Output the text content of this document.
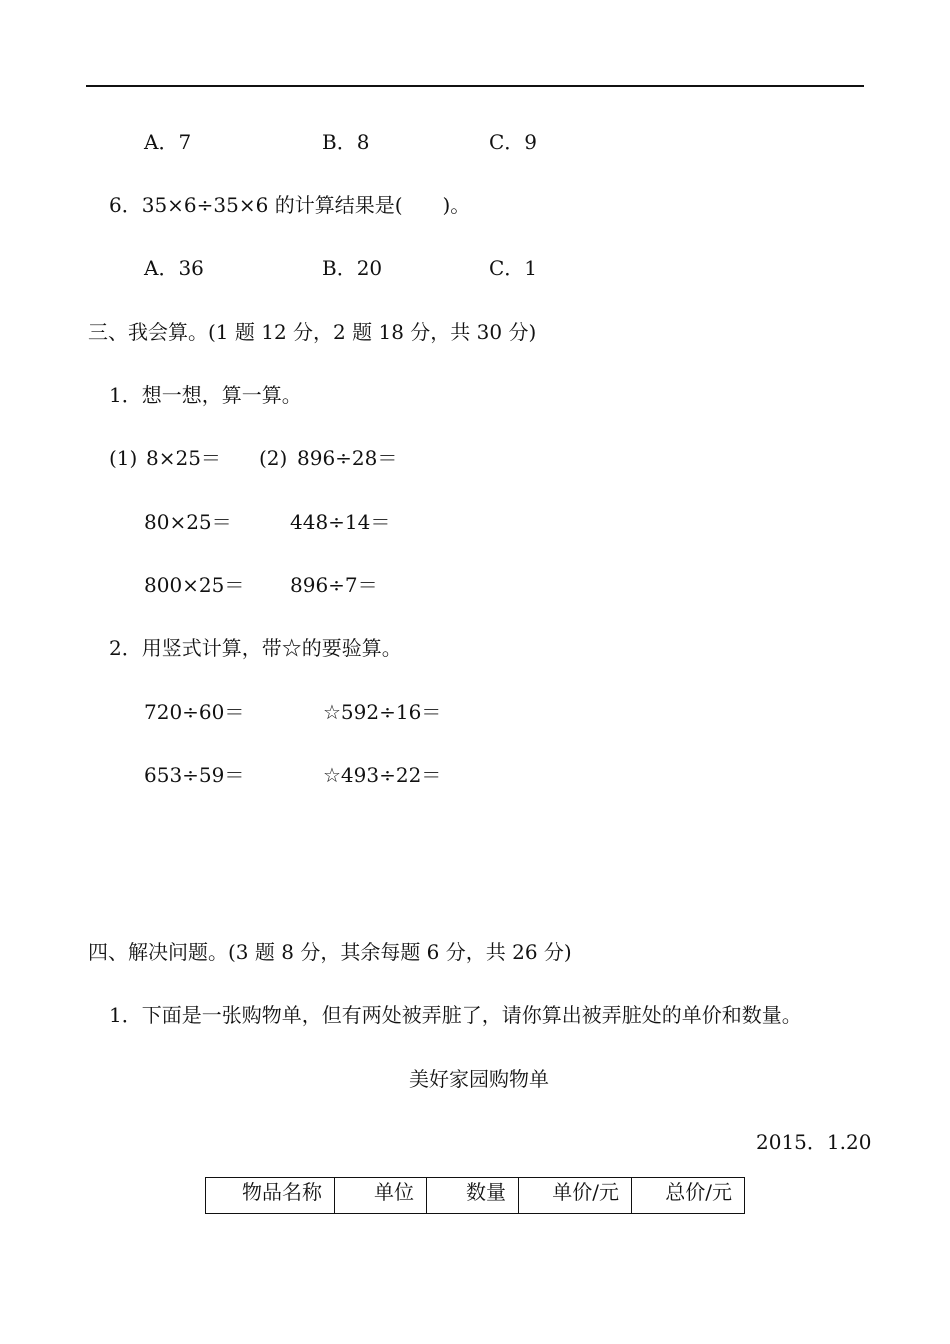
A．7	B．8	C．9
6．35×6÷35×6 的计算结果是(　　)。
A．36	B．20	C．1
三、我会算。(1 题 12 分，2 题 18 分，共 30 分)
1．想一想，算一算。
(1) 8×25＝ (2) 896÷28＝
80×25＝	448÷14＝
800×25＝ 896÷7＝
2．用竖式计算，带☆的要验算。
720÷60＝	☆592÷16＝
653÷59＝	☆493÷22＝
四、解决问题。(3 题 8 分，其余每题 6 分，共 26 分)
1．下面是一张购物单，但有两处被弄脏了，请你算出被弄脏处的单价和数量。
美好家园购物单
2015．1.20
物品名称	单位	数量	单价/元	总价/元
